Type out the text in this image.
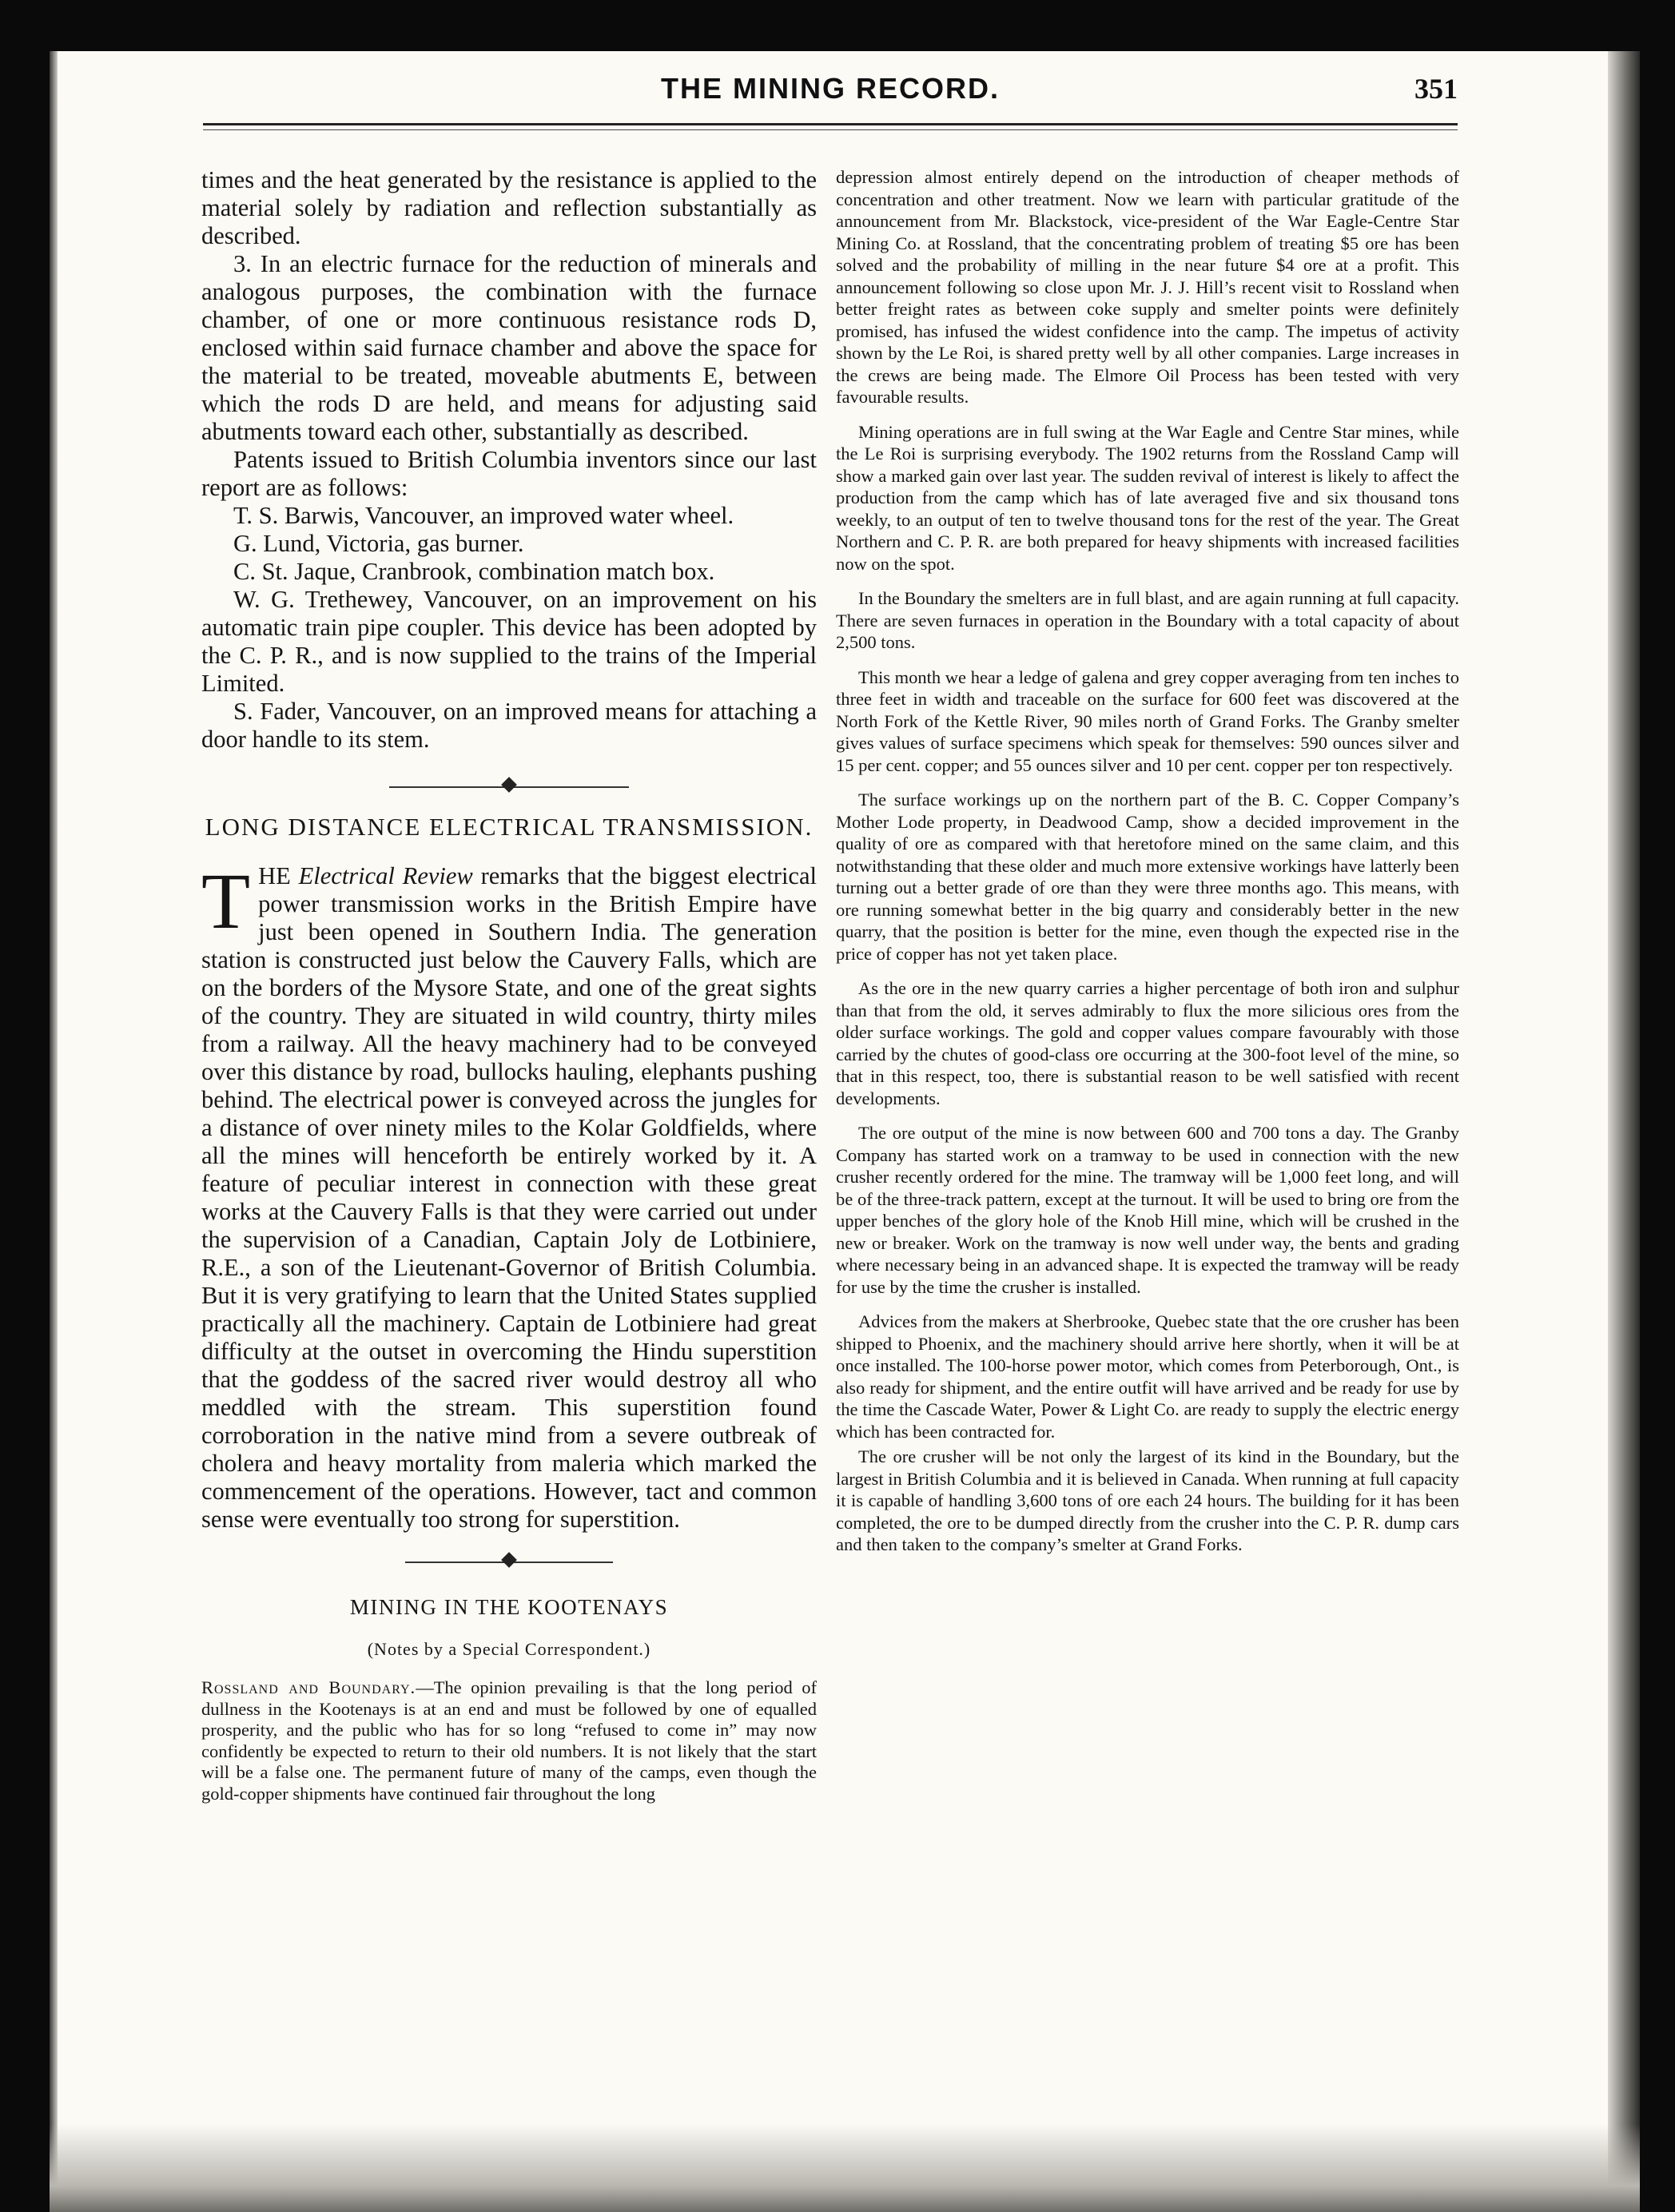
THE MINING RECORD.	351

times and the heat generated by the resistance is applied to the material solely by radiation and reflection substantially as described.

3. In an electric furnace for the reduction of minerals and analogous purposes, the combination with the furnace chamber, of one or more continuous resistance rods D, enclosed within said furnace chamber and above the space for the material to be treated, moveable abutments E, between which the rods D are held, and means for adjusting said abutments toward each other, substantially as described.

Patents issued to British Columbia inventors since our last report are as follows:

T. S. Barwis, Vancouver, an improved water wheel.

G. Lund, Victoria, gas burner.

C. St. Jaque, Cranbrook, combination match box.

W. G. Trethewey, Vancouver, on an improvement on his automatic train pipe coupler. This device has been adopted by the C. P. R., and is now supplied to the trains of the Imperial Limited.

S. Fader, Vancouver, on an improved means for attaching a door handle to its stem.

LONG DISTANCE ELECTRICAL TRANSMISSION.

THE Electrical Review remarks that the biggest electrical power transmission works in the British Empire have just been opened in Southern India. The generation station is constructed just below the Cauvery Falls, which are on the borders of the Mysore State, and one of the great sights of the country. They are situated in wild country, thirty miles from a railway. All the heavy machinery had to be conveyed over this distance by road, bullocks hauling, elephants pushing behind. The electrical power is conveyed across the jungles for a distance of over ninety miles to the Kolar Goldfields, where all the mines will henceforth be entirely worked by it. A feature of peculiar interest in connection with these great works at the Cauvery Falls is that they were carried out under the supervision of a Canadian, Captain Joly de Lotbiniere, R.E., a son of the Lieutenant-Governor of British Columbia. But it is very gratifying to learn that the United States supplied practically all the machinery. Captain de Lotbiniere had great difficulty at the outset in overcoming the Hindu superstition that the goddess of the sacred river would destroy all who meddled with the stream. This superstition found corroboration in the native mind from a severe outbreak of cholera and heavy mortality from maleria which marked the commencement of the operations. However, tact and common sense were eventually too strong for superstition.

MINING IN THE KOOTENAYS
(Notes by a Special Correspondent.)

Rossland and Boundary.—The opinion prevailing is that the long period of dullness in the Kootenays is at an end and must be followed by one of equalled prosperity, and the public who has for so long “refused to come in” may now confidently be expected to return to their old numbers. It is not likely that the start will be a false one. The permanent future of many of the camps, even though the gold-copper shipments have continued fair throughout the long

depression almost entirely depend on the introduction of cheaper methods of concentration and other treatment. Now we learn with particular gratitude of the announcement from Mr. Blackstock, vice-president of the War Eagle-Centre Star Mining Co. at Rossland, that the concentrating problem of treating $5 ore has been solved and the probability of milling in the near future $4 ore at a profit. This announcement following so close upon Mr. J. J. Hill’s recent visit to Rossland when better freight rates as between coke supply and smelter points were definitely promised, has infused the widest confidence into the camp. The impetus of activity shown by the Le Roi, is shared pretty well by all other companies. Large increases in the crews are being made. The Elmore Oil Process has been tested with very favourable results.

Mining operations are in full swing at the War Eagle and Centre Star mines, while the Le Roi is surprising everybody. The 1902 returns from the Rossland Camp will show a marked gain over last year. The sudden revival of interest is likely to affect the production from the camp which has of late averaged five and six thousand tons weekly, to an output of ten to twelve thousand tons for the rest of the year. The Great Northern and C. P. R. are both prepared for heavy shipments with increased facilities now on the spot.

In the Boundary the smelters are in full blast, and are again running at full capacity. There are seven furnaces in operation in the Boundary with a total capacity of about 2,500 tons.

This month we hear a ledge of galena and grey copper averaging from ten inches to three feet in width and traceable on the surface for 600 feet was discovered at the North Fork of the Kettle River, 90 miles north of Grand Forks. The Granby smelter gives values of surface specimens which speak for themselves: 590 ounces silver and 15 per cent. copper; and 55 ounces silver and 10 per cent. copper per ton respectively.

The surface workings up on the northern part of the B. C. Copper Company’s Mother Lode property, in Deadwood Camp, show a decided improvement in the quality of ore as compared with that heretofore mined on the same claim, and this notwithstanding that these older and much more extensive workings have latterly been turning out a better grade of ore than they were three months ago. This means, with ore running somewhat better in the big quarry and considerably better in the new quarry, that the position is better for the mine, even though the expected rise in the price of copper has not yet taken place.

As the ore in the new quarry carries a higher percentage of both iron and sulphur than that from the old, it serves admirably to flux the more silicious ores from the older surface workings. The gold and copper values compare favourably with those carried by the chutes of good-class ore occurring at the 300-foot level of the mine, so that in this respect, too, there is substantial reason to be well satisfied with recent developments.

The ore output of the mine is now between 600 and 700 tons a day. The Granby Company has started work on a tramway to be used in connection with the new crusher recently ordered for the mine. The tramway will be 1,000 feet long, and will be of the three-track pattern, except at the turnout. It will be used to bring ore from the upper benches of the glory hole of the Knob Hill mine, which will be crushed in the new or breaker. Work on the tramway is now well under way, the bents and grading where necessary being in an advanced shape. It is expected the tramway will be ready for use by the time the crusher is installed.

Advices from the makers at Sherbrooke, Quebec state that the ore crusher has been shipped to Phoenix, and the machinery should arrive here shortly, when it will be at once installed. The 100-horse power motor, which comes from Peterborough, Ont., is also ready for shipment, and the entire outfit will have arrived and be ready for use by the time the Cascade Water, Power & Light Co. are ready to supply the electric energy which has been contracted for.

The ore crusher will be not only the largest of its kind in the Boundary, but the largest in British Columbia and it is believed in Canada. When running at full capacity it is capable of handling 3,600 tons of ore each 24 hours. The building for it has been completed, the ore to be dumped directly from the crusher into the C. P. R. dump cars and then taken to the company’s smelter at Grand Forks.
